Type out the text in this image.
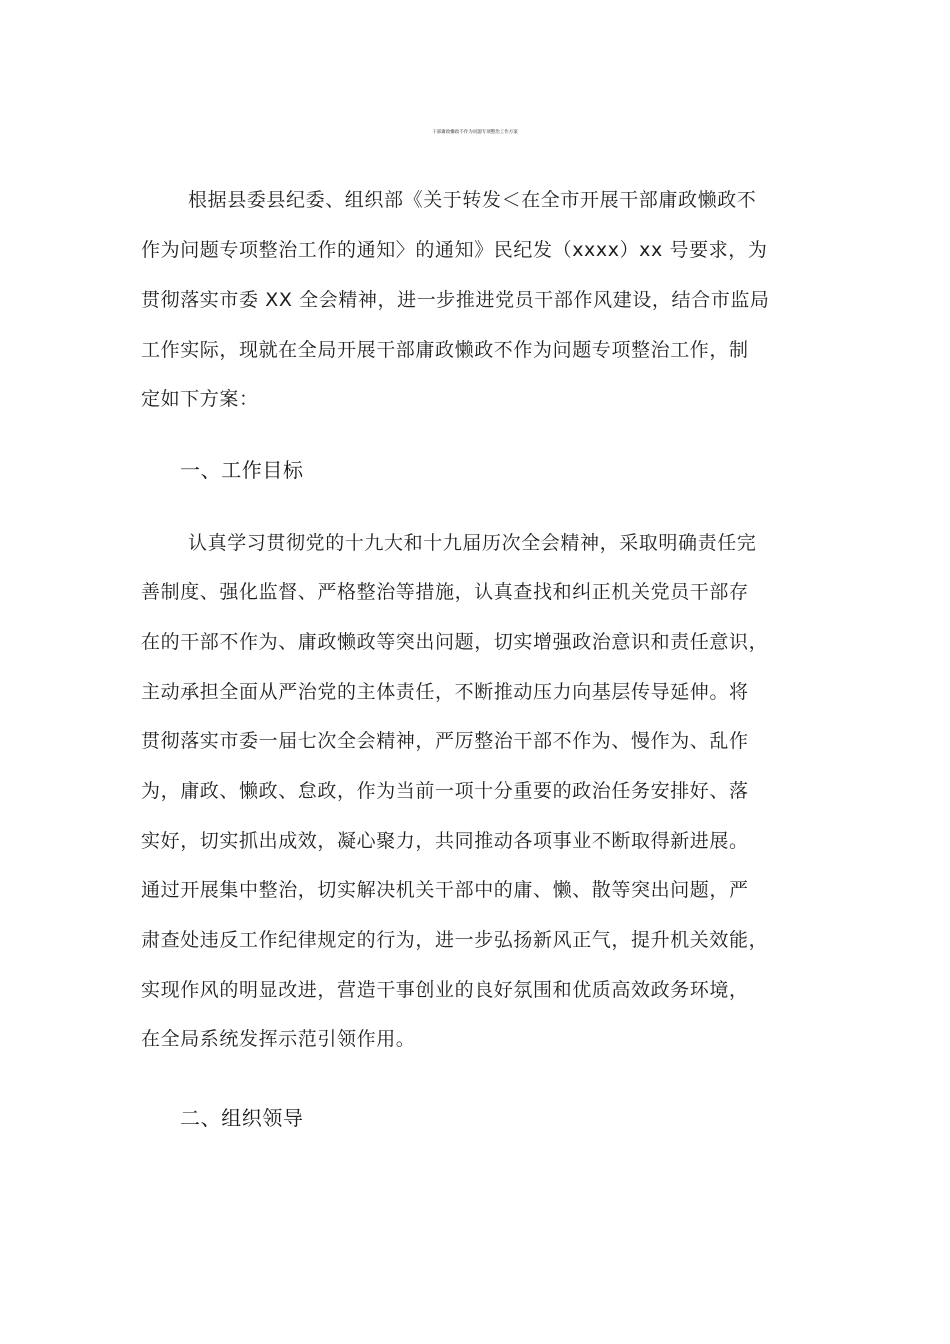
干部庸政懒政不作为问题专项整治工作方案
根据县委县纪委、组织部《关于转发＜在全市开展干部庸政懒政不
作为问题专项整治工作的通知〉的通知》民纪发（xxxx）xx 号要求，为
贯彻落实市委 XX 全会精神，进一步推进党员干部作风建设，结合市监局
工作实际，现就在全局开展干部庸政懒政不作为问题专项整治工作，制
定如下方案：
一、工作目标
认真学习贯彻党的十九大和十九届历次全会精神，采取明确责任完
善制度、强化监督、严格整治等措施，认真查找和纠正机关党员干部存
在的干部不作为、庸政懒政等突出问题，切实增强政治意识和责任意识，
主动承担全面从严治党的主体责任，不断推动压力向基层传导延伸。将
贯彻落实市委一届七次全会精神，严厉整治干部不作为、慢作为、乱作
为，庸政、懒政、怠政，作为当前一项十分重要的政治任务安排好、落
实好，切实抓出成效，凝心聚力，共同推动各项事业不断取得新进展。
通过开展集中整治，切实解决机关干部中的庸、懒、散等突出问题，严
肃查处违反工作纪律规定的行为，进一步弘扬新风正气，提升机关效能，
实现作风的明显改进，营造干事创业的良好氛围和优质高效政务环境，
在全局系统发挥示范引领作用。
二、组织领导
